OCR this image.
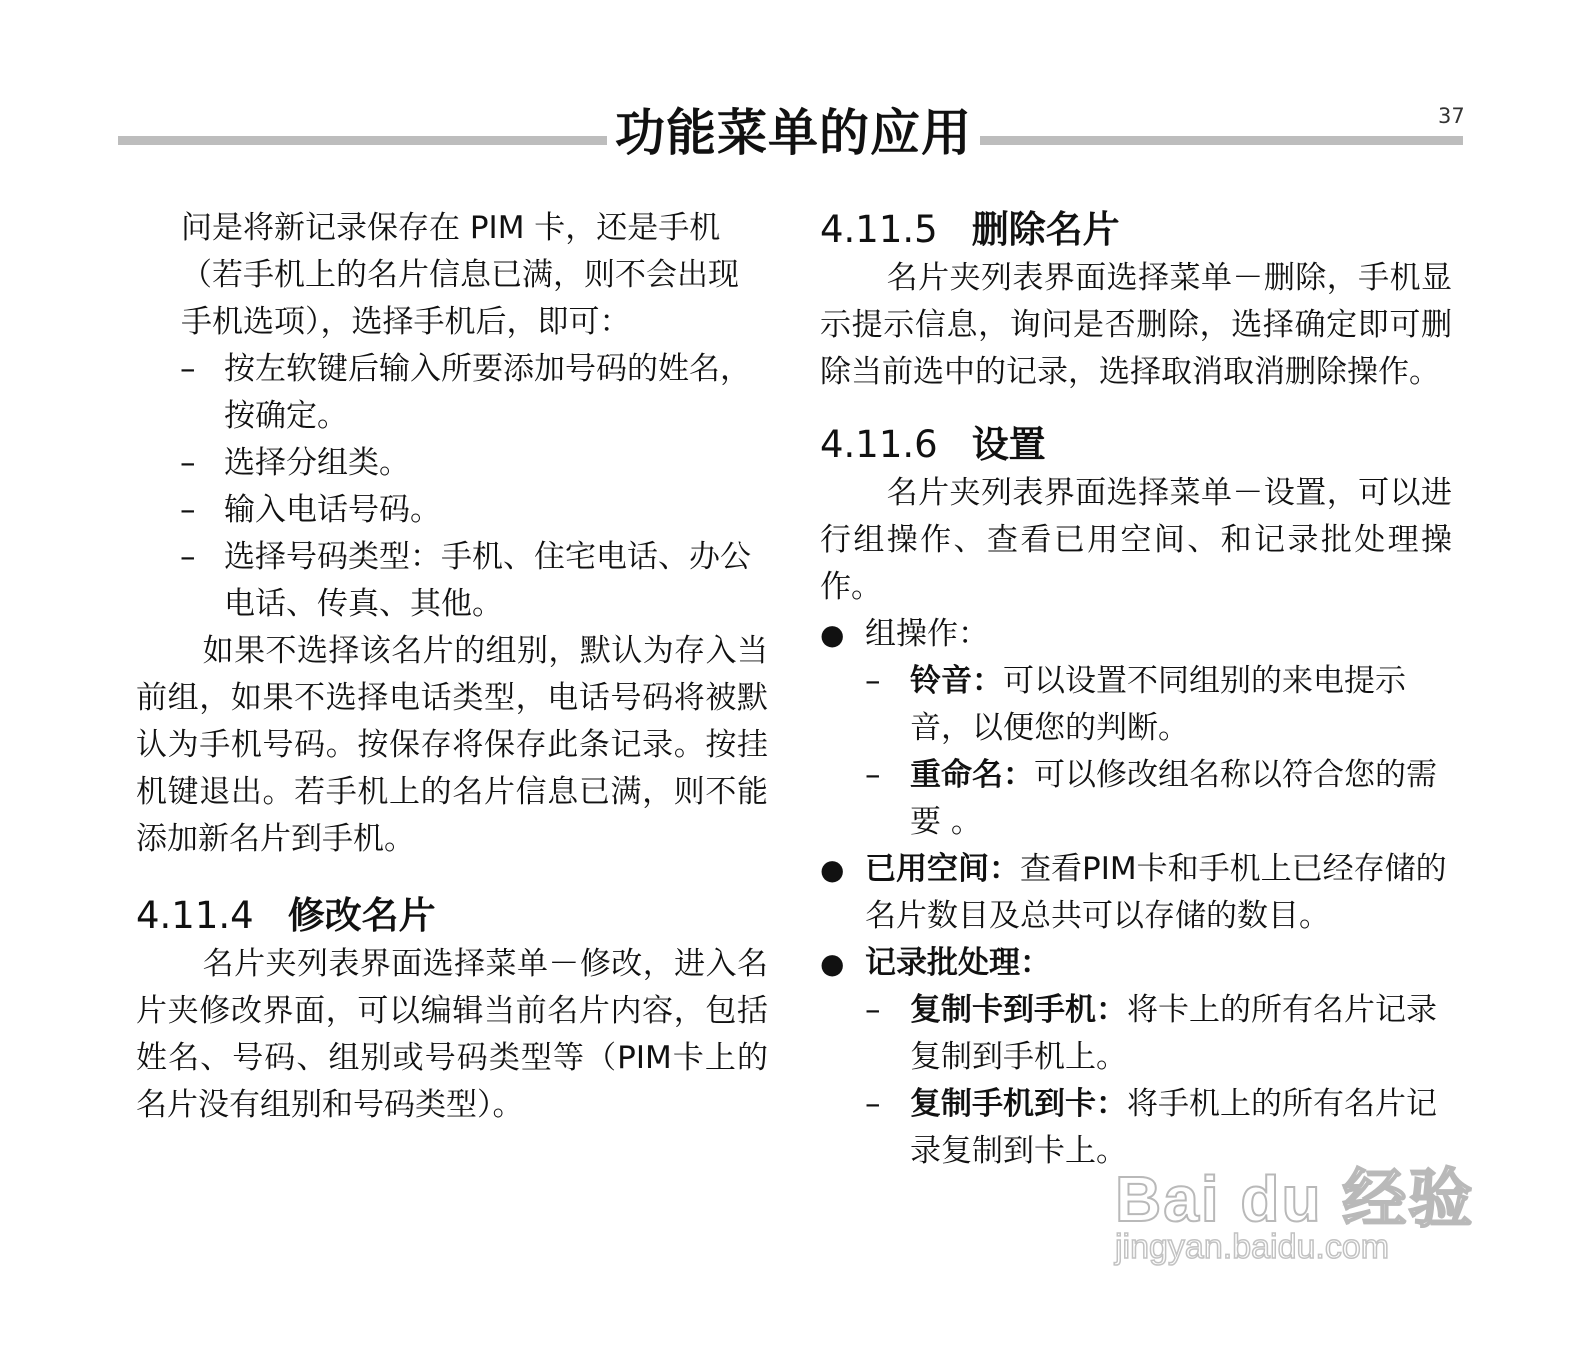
功能菜单的应用	37

问是将新记录保存在 PIM 卡，还是手机

（若手机上的名片信息已满，则不会出现

手机选项），选择手机后，即可：

– 按左软键后输入所要添加号码的姓名，按确定。
– 选择分组类。
– 输入电话号码。
– 选择号码类型：手机、住宅电话、办公电话、传真、其他。

如果不选择该名片的组别，默认为存入当前组，如果不选择电话类型，电话号码将被默认为手机号码。按保存将保存此条记录。按挂机键退出。若手机上的名片信息已满，则不能添加新名片到手机。

4.11.4 修改名片

名片夹列表界面选择菜单－修改，进入名片夹修改界面，可以编辑当前名片内容，包括姓名、号码、组别或号码类型等（PIM卡上的名片没有组别和号码类型）。

4.11.5 删除名片

名片夹列表界面选择菜单－删除，手机显示提示信息，询问是否删除，选择确定即可删除当前选中的记录，选择取消取消删除操作。

4.11.6 设置

名片夹列表界面选择菜单－设置，可以进行组操作、查看已用空间、和记录批处理操作。

● 组操作：
– 铃音：可以设置不同组别的来电提示音，以便您的判断。
– 重命名：可以修改组名称以符合您的需要 。
● 已用空间：查看PIM卡和手机上已经存储的名片数目及总共可以存储的数目。
● 记录批处理：
– 复制卡到手机：将卡上的所有名片记录复制到手机上。
– 复制手机到卡：将手机上的所有名片记录复制到卡上。
Bai du 经验
jingyan.baidu.com
